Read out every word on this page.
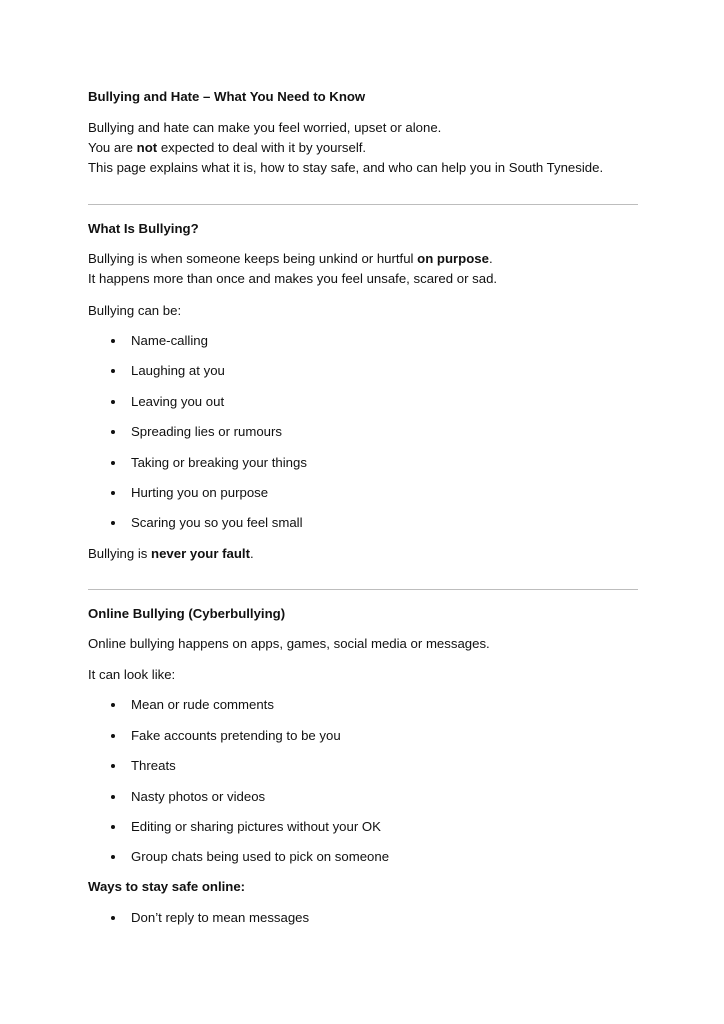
Bullying and Hate – What You Need to Know
Bullying and hate can make you feel worried, upset or alone.
You are not expected to deal with it by yourself.
This page explains what it is, how to stay safe, and who can help you in South Tyneside.
What Is Bullying?
Bullying is when someone keeps being unkind or hurtful on purpose.
It happens more than once and makes you feel unsafe, scared or sad.
Bullying can be:
Name-calling
Laughing at you
Leaving you out
Spreading lies or rumours
Taking or breaking your things
Hurting you on purpose
Scaring you so you feel small
Bullying is never your fault.
Online Bullying (Cyberbullying)
Online bullying happens on apps, games, social media or messages.
It can look like:
Mean or rude comments
Fake accounts pretending to be you
Threats
Nasty photos or videos
Editing or sharing pictures without your OK
Group chats being used to pick on someone
Ways to stay safe online:
Don’t reply to mean messages
